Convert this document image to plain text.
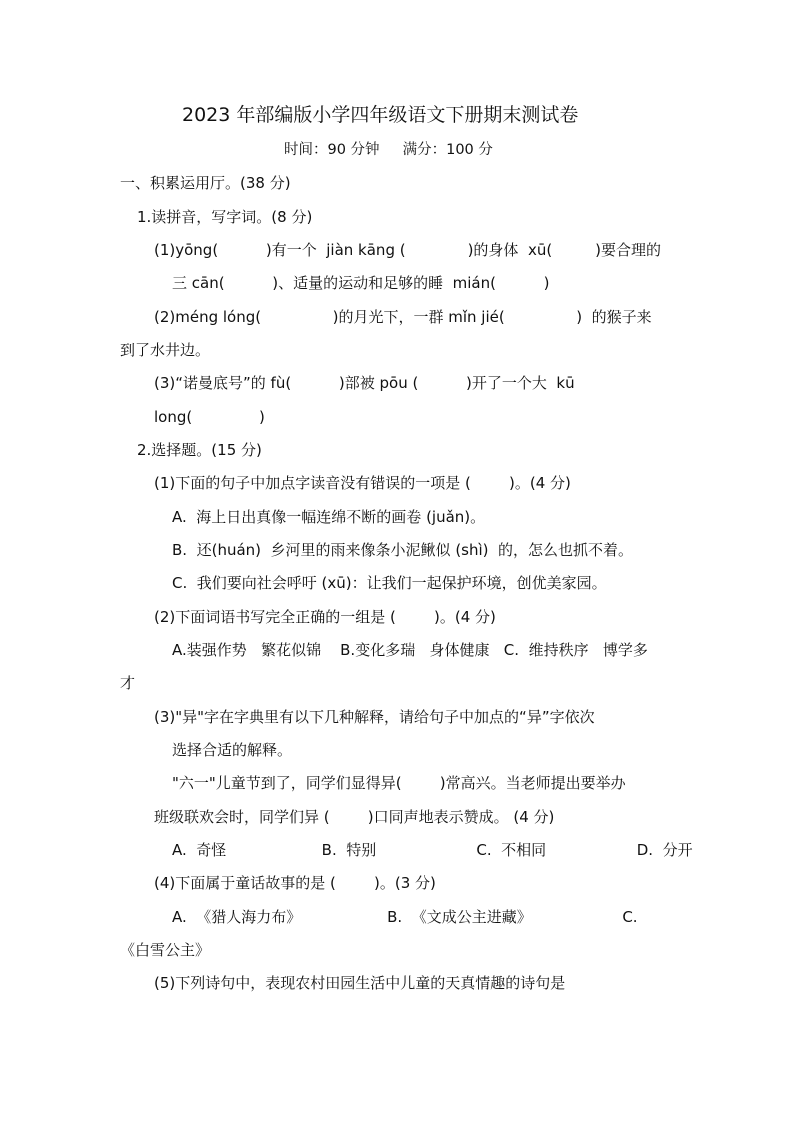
2023 年部编版小学四年级语文下册期末测试卷
时间：90 分钟     满分：100 分
一、积累运用厅。(38 分)
1.读拼音，写字词。(8 分)
(1)yōng(          )有一个  jiàn kāng (             )的身体  xū(         )要合理的
三 cān(          )、适量的运动和足够的睡  mián(          )
(2)méng lóng(               )的月光下，一群 mǐn jié(               )  的猴子来
到了水井边。
(3)“诺曼底号”的 fù(          )部被 pōu (          )开了一个大  kū
long(              )
2.选择题。(15 分)
(1)下面的句子中加点字读音没有错误的一项是 (        )。(4 分)
A.  海上日出真像一幅连绵不断的画卷 (juǎn)。
B.  还(huán)  乡河里的雨来像条小泥鳅似 (shì)  的，怎么也抓不着。
C.  我们要向社会呼吁 (xū)：让我们一起保护环境，创优美家园。
(2)下面词语书写完全正确的一组是 (        )。(4 分)
A.装强作势   繁花似锦    B.变化多瑞   身体健康   C.  维持秩序   博学多
才
(3)"异"字在字典里有以下几种解释，请给句子中加点的“异”字依次
选择合适的解释。
"六一"儿童节到了，同学们显得异(        )常高兴。当老师提出要举办
班级联欢会时，同学们异 (        )口同声地表示赞成。 (4 分)
A.  奇怪                    B.  特别                     C.  不相同                   D.  分开
(4)下面属于童话故事的是 (        )。(3 分)
A.  《猎人海力布》                  B.  《文成公主进藏》                   C.
《白雪公主》
(5)下列诗句中，表现农村田园生活中儿童的天真情趣的诗句是
